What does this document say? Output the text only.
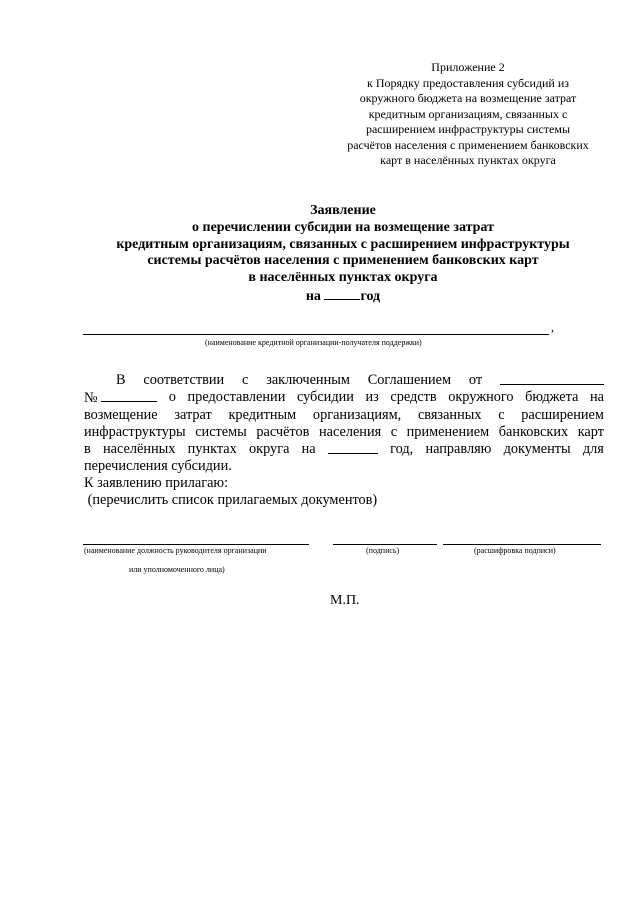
Приложение 2
к Порядку предоставления субсидий из
окружного бюджета на возмещение затрат
кредитным организациям, связанных с
расширением инфраструктуры системы
расчётов населения с применением банковских
карт в населённых пунктах округа
Заявление
о перечислении субсидии на возмещение затрат
кредитным организациям, связанных с расширением инфраструктуры
системы расчётов населения с применением банковских карт
в населённых пунктах округа
на	год
,
(наименование кредитной организации-получателя поддержки)
В соответствии с заключенным Соглашением от
№	о предоставлении субсидии из средств окружного бюджета на
возмещение затрат кредитным организациям, связанных с расширением
инфраструктуры системы расчётов населения с применением банковских карт
в населённых пунктах округа на	год, направляю документы для
перечисления субсидии.
К заявлению прилагаю:
(перечислить список прилагаемых документов)
(наименование должность руководителя организации
или уполномоченного лица)
(подпись)	(расшифровка подписи)
М.П.
